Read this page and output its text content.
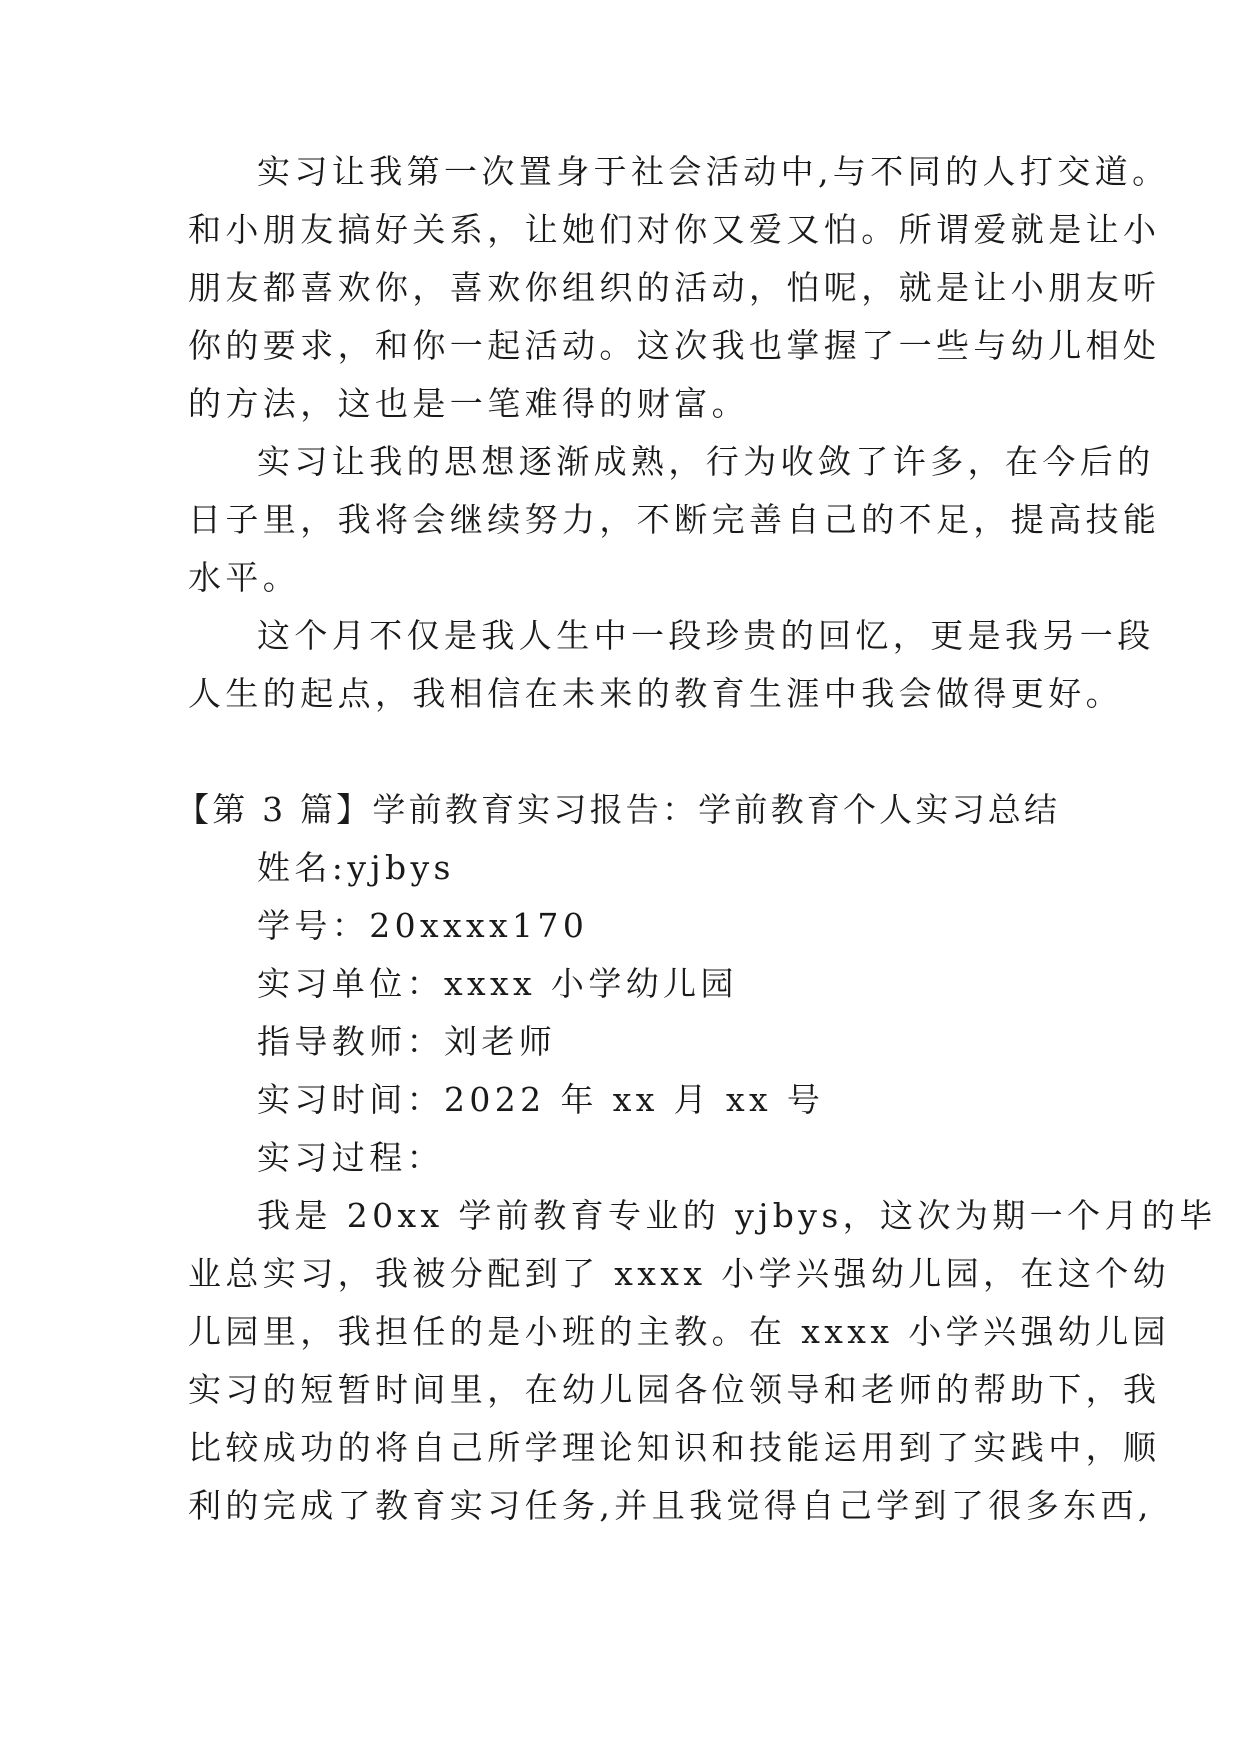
实习让我第一次置身于社会活动中,与不同的人打交道。
和小朋友搞好关系，让她们对你又爱又怕。所谓爱就是让小
朋友都喜欢你，喜欢你组织的活动，怕呢，就是让小朋友听
你的要求，和你一起活动。这次我也掌握了一些与幼儿相处
的方法，这也是一笔难得的财富。
实习让我的思想逐渐成熟，行为收敛了许多，在今后的
日子里，我将会继续努力，不断完善自己的不足，提高技能
水平。
这个月不仅是我人生中一段珍贵的回忆，更是我另一段
人生的起点，我相信在未来的教育生涯中我会做得更好。
【第 3 篇】学前教育实习报告：学前教育个人实习总结
姓名:yjbys
学号：20xxxx170
实习单位：xxxx 小学幼儿园
指导教师：刘老师
实习时间：2022 年 xx 月 xx 号
实习过程：
我是 20xx 学前教育专业的 yjbys，这次为期一个月的毕
业总实习，我被分配到了 xxxx 小学兴强幼儿园，在这个幼
儿园里，我担任的是小班的主教。在 xxxx 小学兴强幼儿园
实习的短暂时间里，在幼儿园各位领导和老师的帮助下，我
比较成功的将自己所学理论知识和技能运用到了实践中，顺
利的完成了教育实习任务,并且我觉得自己学到了很多东西,
